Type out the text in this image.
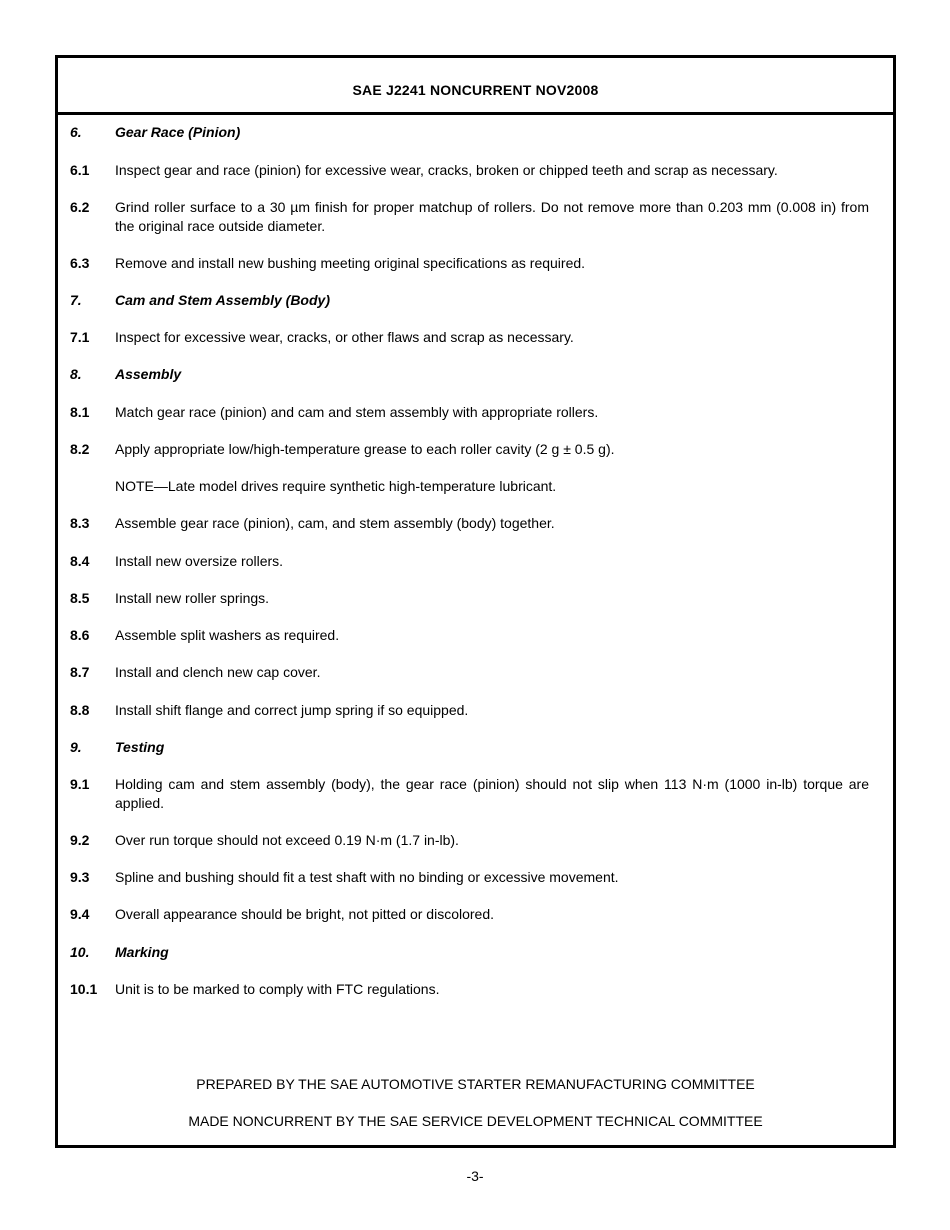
SAE J2241 NONCURRENT NOV2008
6.	Gear Race (Pinion)
6.1	Inspect gear and race (pinion) for excessive wear, cracks, broken or chipped teeth and scrap as necessary.
6.2	Grind roller surface to a 30 µm finish for proper matchup of rollers. Do not remove more than 0.203 mm (0.008 in) from the original race outside diameter.
6.3	Remove and install new bushing meeting original specifications as required.
7.	Cam and Stem Assembly (Body)
7.1	Inspect for excessive wear, cracks, or other flaws and scrap as necessary.
8.	Assembly
8.1	Match gear race (pinion) and cam and stem assembly with appropriate rollers.
8.2	Apply appropriate low/high-temperature grease to each roller cavity (2 g ± 0.5 g).
NOTE—Late model drives require synthetic high-temperature lubricant.
8.3	Assemble gear race (pinion), cam, and stem assembly (body) together.
8.4	Install new oversize rollers.
8.5	Install new roller springs.
8.6	Assemble split washers as required.
8.7	Install and clench new cap cover.
8.8	Install shift flange and correct jump spring if so equipped.
9.	Testing
9.1	Holding cam and stem assembly (body), the gear race (pinion) should not slip when 113 N·m (1000 in-lb) torque are applied.
9.2	Over run torque should not exceed 0.19 N·m (1.7 in-lb).
9.3	Spline and bushing should fit a test shaft with no binding or excessive movement.
9.4	Overall appearance should be bright, not pitted or discolored.
10.	Marking
10.1	Unit is to be marked to comply with FTC regulations.
PREPARED BY THE SAE AUTOMOTIVE STARTER REMANUFACTURING COMMITTEE
MADE NONCURRENT BY THE SAE SERVICE DEVELOPMENT TECHNICAL COMMITTEE
-3-
